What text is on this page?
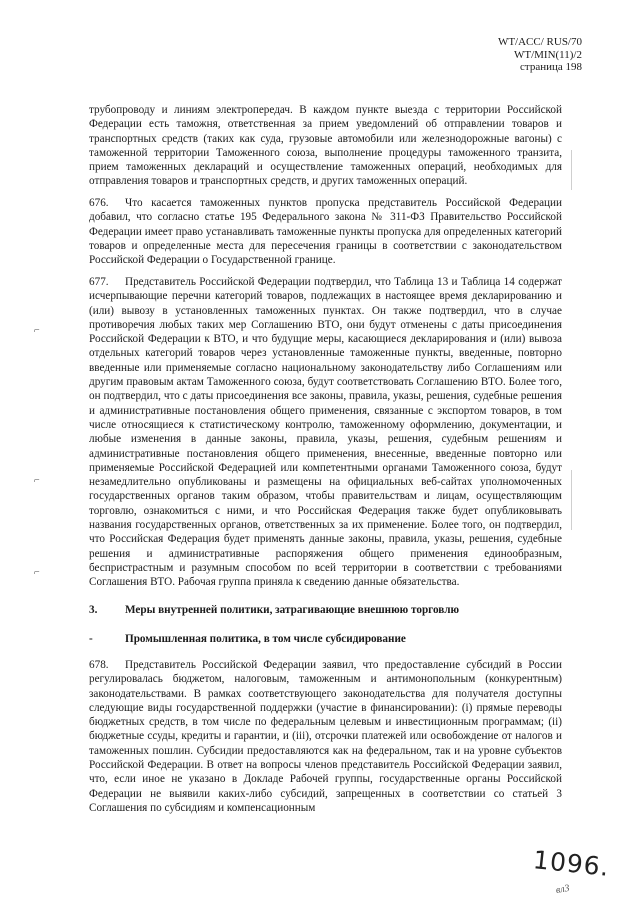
WT/ACC/ RUS/70
WT/MIN(11)/2
страница 198
трубопроводу и линиям электропередач. В каждом пункте выезда с территории Российской Федерации есть таможня, ответственная за прием уведомлений об отправлении товаров и транспортных средств (таких как суда, грузовые автомобили или железнодорожные вагоны) с таможенной территории Таможенного союза, выполнение процедуры таможенного транзита, прием таможенных деклараций и осуществление таможенных операций, необходимых для отправления товаров и транспортных средств, и других таможенных операций.
676. Что касается таможенных пунктов пропуска представитель Российской Федерации добавил, что согласно статье 195 Федерального закона № 311-ФЗ Правительство Российской Федерации имеет право устанавливать таможенные пункты пропуска для определенных категорий товаров и определенные места для пересечения границы в соответствии с законодательством Российской Федерации о Государственной границе.
677. Представитель Российской Федерации подтвердил, что Таблица 13 и Таблица 14 содержат исчерпывающие перечни категорий товаров, подлежащих в настоящее время декларированию и (или) вывозу в установленных таможенных пунктах. Он также подтвердил, что в случае противоречия любых таких мер Соглашению ВТО, они будут отменены с даты присоединения Российской Федерации к ВТО, и что будущие меры, касающиеся декларирования и (или) вывоза отдельных категорий товаров через установленные таможенные пункты, введенные, повторно введенные или применяемые согласно национальному законодательству либо Соглашениям или другим правовым актам Таможенного союза, будут соответствовать Соглашению ВТО. Более того, он подтвердил, что с даты присоединения все законы, правила, указы, решения, судебные решения и административные постановления общего применения, связанные с экспортом товаров, в том числе относящиеся к статистическому контролю, таможенному оформлению, документации, и любые изменения в данные законы, правила, указы, решения, судебным решениям и административные постановления общего применения, внесенные, введенные повторно или применяемые Российской Федерацией или компетентными органами Таможенного союза, будут незамедлительно опубликованы и размещены на официальных веб-сайтах уполномоченных государственных органов таким образом, чтобы правительствам и лицам, осуществляющим торговлю, ознакомиться с ними, и что Российская Федерация также будет опубликовывать названия государственных органов, ответственных за их применение. Более того, он подтвердил, что Российская Федерация будет применять данные законы, правила, указы, решения, судебные решения и административные распоряжения общего применения единообразным, беспристрастным и разумным способом по всей территории в соответствии с требованиями Соглашения ВТО. Рабочая группа приняла к сведению данные обязательства.
3. Меры внутренней политики, затрагивающие внешнюю торговлю
-	Промышленная политика, в том числе субсидирование
678. Представитель Российской Федерации заявил, что предоставление субсидий в России регулировалась бюджетом, налоговым, таможенным и антимонопольным (конкурентным) законодательствами. В рамках соответствующего законодательства для получателя доступны следующие виды государственной поддержки (участие в финансировании): (i) прямые переводы бюджетных средств, в том числе по федеральным целевым и инвестиционным программам; (ii) бюджетные ссуды, кредиты и гарантии, и (iii), отсрочки платежей или освобождение от налогов и таможенных пошлин. Субсидии предоставляются как на федеральном, так и на уровне субъектов Российской Федерации. В ответ на вопросы членов представитель Российской Федерации заявил, что, если иное не указано в Докладе Рабочей группы, государственные органы Российской Федерации не выявили каких-либо субсидий, запрещенных в соответствии со статьей 3 Соглашения по субсидиям и компенсационным
⌐
⌐
⌐
1096.
вл3
